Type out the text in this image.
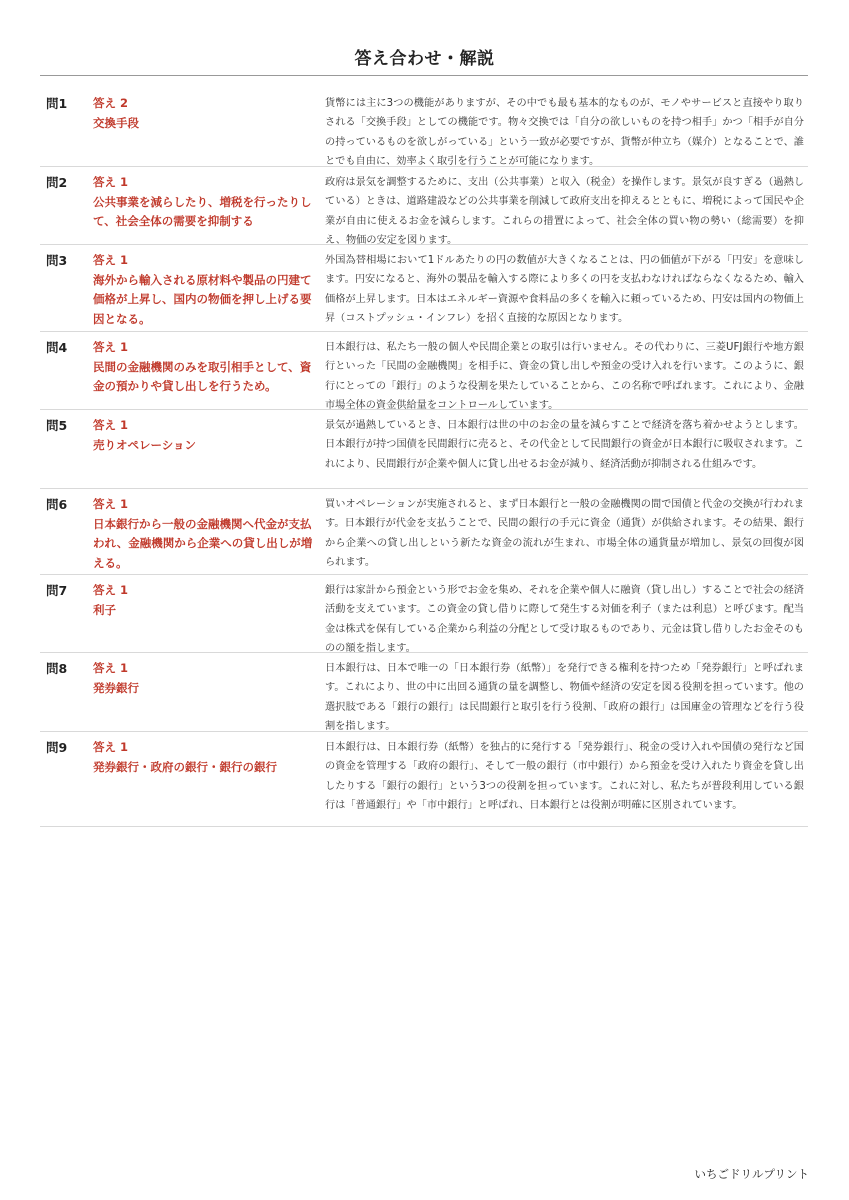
答え合わせ・解説
問1	答え 2
交換手段
貨幣には主に3つの機能がありますが、その中でも最も基本的なものが、モノやサービスと直接やり取りされる「交換手段」としての機能です。物々交換では「自分の欲しいものを持つ相手」かつ「相手が自分の持っているものを欲しがっている」という一致が必要ですが、貨幣が仲立ち（媒介）となることで、誰とでも自由に、効率よく取引を行うことが可能になります。
問2	答え 1
公共事業を減らしたり、増税を行ったりして、社会全体の需要を抑制する
政府は景気を調整するために、支出（公共事業）と収入（税金）を操作します。景気が良すぎる（過熱している）ときは、道路建設などの公共事業を削減して政府支出を抑えるとともに、増税によって国民や企業が自由に使えるお金を減らします。これらの措置によって、社会全体の買い物の勢い（総需要）を抑え、物価の安定を図ります。
問3	答え 1
海外から輸入される原材料や製品の円建て価格が上昇し、国内の物価を押し上げる要因となる。
外国為替相場において1ドルあたりの円の数値が大きくなることは、円の価値が下がる「円安」を意味します。円安になると、海外の製品を輸入する際により多くの円を支払わなければならなくなるため、輸入価格が上昇します。日本はエネルギー資源や食料品の多くを輸入に頼っているため、円安は国内の物価上昇（コストプッシュ・インフレ）を招く直接的な原因となります。
問4	答え 1
民間の金融機関のみを取引相手として、資金の預かりや貸し出しを行うため。
日本銀行は、私たち一般の個人や民間企業との取引は行いません。その代わりに、三菱UFJ銀行や地方銀行といった「民間の金融機関」を相手に、資金の貸し出しや預金の受け入れを行います。このように、銀行にとっての「銀行」のような役割を果たしていることから、この名称で呼ばれます。これにより、金融市場全体の資金供給量をコントロールしています。
問5	答え 1
売りオペレーション
景気が過熱しているとき、日本銀行は世の中のお金の量を減らすことで経済を落ち着かせようとします。日本銀行が持つ国債を民間銀行に売ると、その代金として民間銀行の資金が日本銀行に吸収されます。これにより、民間銀行が企業や個人に貸し出せるお金が減り、経済活動が抑制される仕組みです。
問6	答え 1
日本銀行から一般の金融機関へ代金が支払われ、金融機関から企業への貸し出しが増える。
買いオペレーションが実施されると、まず日本銀行と一般の金融機関の間で国債と代金の交換が行われます。日本銀行が代金を支払うことで、民間の銀行の手元に資金（通貨）が供給されます。その結果、銀行から企業への貸し出しという新たな資金の流れが生まれ、市場全体の通貨量が増加し、景気の回復が図られます。
問7	答え 1
利子
銀行は家計から預金という形でお金を集め、それを企業や個人に融資（貸し出し）することで社会の経済活動を支えています。この資金の貸し借りに際して発生する対価を利子（または利息）と呼びます。配当金は株式を保有している企業から利益の分配として受け取るものであり、元金は貸し借りしたお金そのものの額を指します。
問8	答え 1
発券銀行
日本銀行は、日本で唯一の「日本銀行券（紙幣）」を発行できる権利を持つため「発券銀行」と呼ばれます。これにより、世の中に出回る通貨の量を調整し、物価や経済の安定を図る役割を担っています。他の選択肢である「銀行の銀行」は民間銀行と取引を行う役割、「政府の銀行」は国庫金の管理などを行う役割を指します。
問9	答え 1
発券銀行・政府の銀行・銀行の銀行
日本銀行は、日本銀行券（紙幣）を独占的に発行する「発券銀行」、税金の受け入れや国債の発行など国の資金を管理する「政府の銀行」、そして一般の銀行（市中銀行）から預金を受け入れたり資金を貸し出したりする「銀行の銀行」という3つの役割を担っています。これに対し、私たちが普段利用している銀行は「普通銀行」や「市中銀行」と呼ばれ、日本銀行とは役割が明確に区別されています。
いちごドリルプリント
